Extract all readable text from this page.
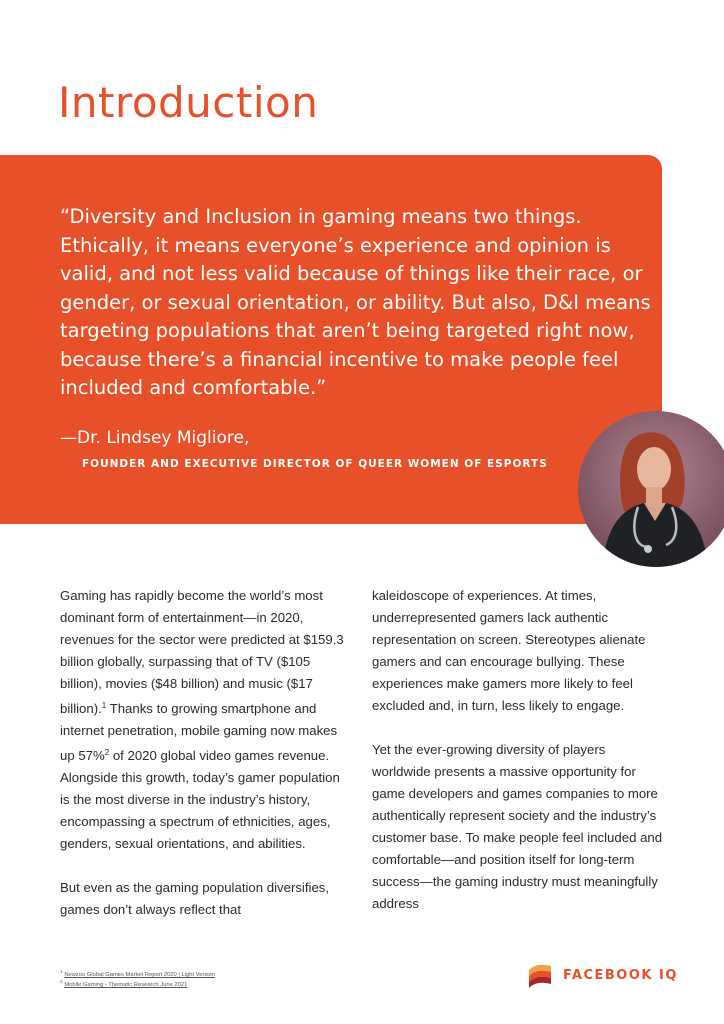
Introduction

“Diversity and Inclusion in gaming means two things. Ethically, it means everyone’s experience and opinion is valid, and not less valid because of things like their race, or gender, or sexual orientation, or ability. But also, D&I means targeting populations that aren’t being targeted right now, because there’s a financial incentive to make people feel included and comfortable.”

—Dr. Lindsey Migliore,

FOUNDER AND EXECUTIVE DIRECTOR OF QUEER WOMEN OF ESPORTS

Gaming has rapidly become the world’s most dominant form of entertainment—in 2020, revenues for the sector were predicted at $159.3 billion globally, surpassing that of TV ($105 billion), movies ($48 billion) and music ($17 billion).$^1$ Thanks to growing smartphone and internet penetration, mobile gaming now makes up 57%$^2$ of 2020 global video games revenue. Alongside this growth, today’s gamer population is the most diverse in the industry’s history, encompassing a spectrum of ethnicities, ages, genders, sexual orientations, and abilities.

But even as the gaming population diversifies, games don’t always reflect that

kaleidoscope of experiences. At times, underrepresented gamers lack authentic representation on screen. Stereotypes alienate gamers and can encourage bullying. These experiences make gamers more likely to feel excluded and, in turn, less likely to engage.

Yet the ever-growing diversity of players worldwide presents a massive opportunity for game developers and games companies to more authentically represent society and the industry’s customer base. To make people feel included and comfortable—and position itself for long-term success—the gaming industry must meaningfully address

$^1$ Newzoo Global Games Market Report 2020 | Light Version
$^2$ Mobile Gaming - Thematic Research June 2021
FACEBOOK IQ
